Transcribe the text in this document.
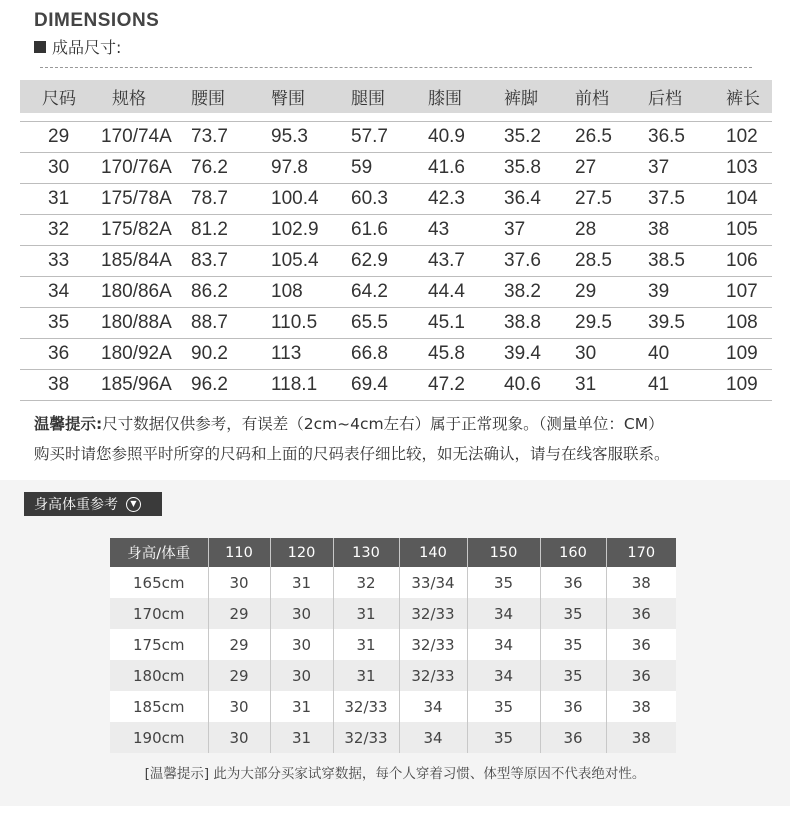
DIMENSIONS
成品尺寸:
尺码	规格	腰围	臀围	腿围	膝围	裤脚	前档	后档	裤长

29	170/74A	73.7	95.3	57.7	40.9	35.2	26.5	36.5	102
30	170/76A	76.2	97.8	59	41.6	35.8	27	37	103
31	175/78A	78.7	100.4	60.3	42.3	36.4	27.5	37.5	104
32	175/82A	81.2	102.9	61.6	43	37	28	38	105
33	185/84A	83.7	105.4	62.9	43.7	37.6	28.5	38.5	106
34	180/86A	86.2	108	64.2	44.4	38.2	29	39	107
35	180/88A	88.7	110.5	65.5	45.1	38.8	29.5	39.5	108
36	180/92A	90.2	113	66.8	45.8	39.4	30	40	109
38	185/96A	96.2	118.1	69.4	47.2	40.6	31	41	109
温馨提示:尺寸数据仅供参考，有误差（2cm~4cm左右）属于正常现象。（测量单位：CM）
购买时请您参照平时所穿的尺码和上面的尺码表仔细比较，如无法确认，请与在线客服联系。
身高体重参考	▼
身高/体重	110	120	130	140	150	160	170
165cm	30	31	32	33/34	35	36	38
170cm	29	30	31	32/33	34	35	36
175cm	29	30	31	32/33	34	35	36
180cm	29	30	31	32/33	34	35	36
185cm	30	31	32/33	34	35	36	38
190cm	30	31	32/33	34	35	36	38
[温馨提示] 此为大部分买家试穿数据，每个人穿着习惯、体型等原因不代表绝对性。
